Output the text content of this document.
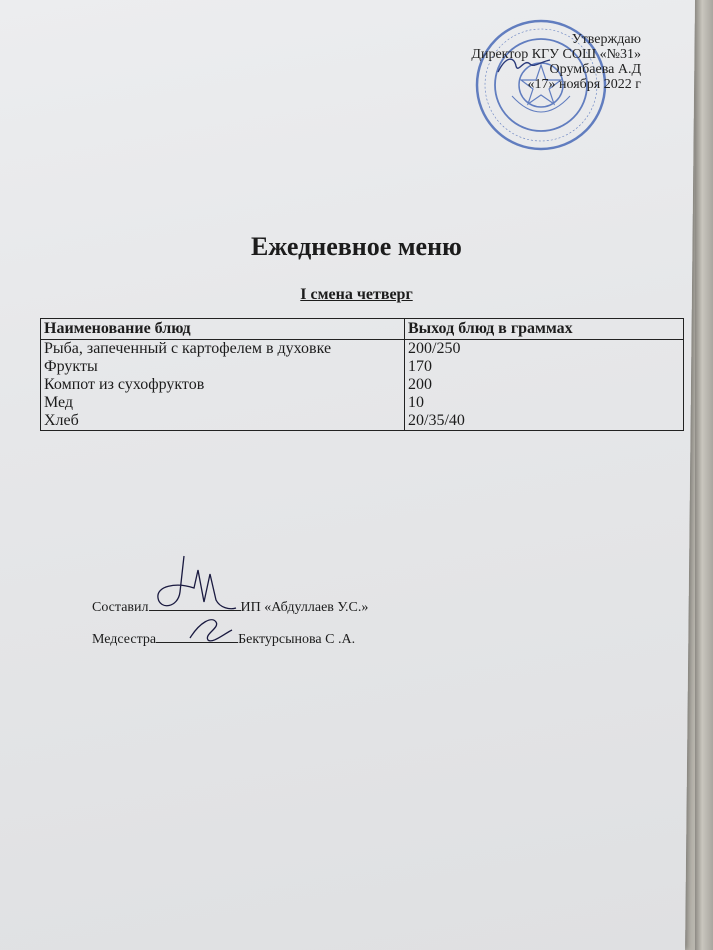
Утверждаю
Директор КГУ СОШ «№31»
Орумбаева А.Д
«17» ноября 2022 г
Ежедневное меню
I смена четверг
Наименование блюд	Выход блюд в граммах
Рыба, запеченный с картофелем в духовке	200/250
Фрукты	170
Компот из сухофруктов	200
Мед	10
Хлеб	20/35/40
Составил	ИП «Абдуллаев У.С.»
Медсестра	Бектурсынова С .А.
